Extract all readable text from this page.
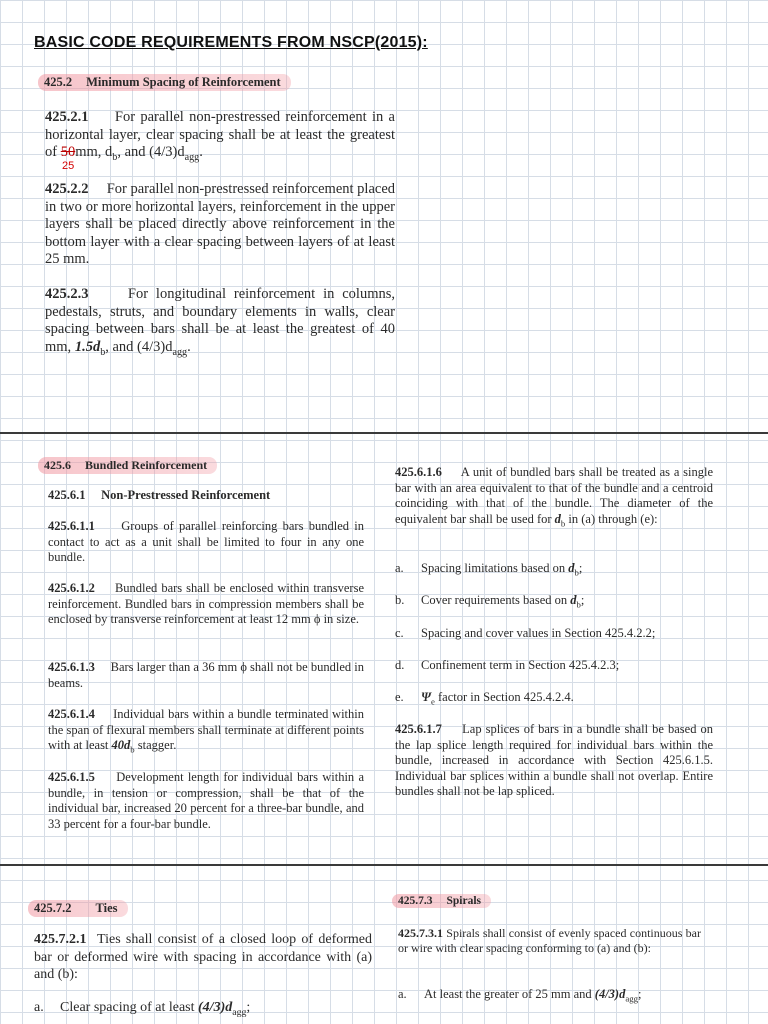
BASIC CODE REQUIREMENTS FROM NSCP(2015):
425.2 Minimum Spacing of Reinforcement
425.2.1 For parallel non-prestressed reinforcement in a horizontal layer, clear spacing shall be at least the greatest of 50mm, $d_b$, and $(4/3)d_{agg}$.
25
425.2.2 For parallel non-prestressed reinforcement placed in two or more horizontal layers, reinforcement in the upper layers shall be placed directly above reinforcement in the bottom layer with a clear spacing between layers of at least 25 mm.
425.2.3	For longitudinal reinforcement in columns, pedestals, struts, and boundary elements in walls, clear spacing between bars shall be at least the greatest of 40 mm, $1.5d_b$, and $(4/3)d_{agg}$.
425.6 Bundled Reinforcement
425.6.1 Non-Prestressed Reinforcement
425.6.1.1 Groups of parallel reinforcing bars bundled in contact to act as a unit shall be limited to four in any one bundle.
425.6.1.2 Bundled bars shall be enclosed within transverse reinforcement. Bundled bars in compression members shall be enclosed by transverse reinforcement at least 12 mm ϕ in size.
425.6.1.3 Bars larger than a 36 mm ϕ shall not be bundled in beams.
425.6.1.4 Individual bars within a bundle terminated within the span of flexural members shall terminate at different points with at least $40d_b$ stagger.
425.6.1.5 Development length for individual bars within a bundle, in tension or compression, shall be that of the individual bar, increased 20 percent for a three-bar bundle, and 33 percent for a four-bar bundle.
425.6.1.6 A unit of bundled bars shall be treated as a single bar with an area equivalent to that of the bundle and a centroid coinciding with that of the bundle. The diameter of the equivalent bar shall be used for $d_b$ in (a) through (e):
a. Spacing limitations based on $d_b$;
b. Cover requirements based on $d_b$;
c. Spacing and cover values in Section 425.4.2.2;
d. Confinement term in Section 425.4.2.3;
e. $\Psi_e$ factor in Section 425.4.2.4.
425.6.1.7 Lap splices of bars in a bundle shall be based on the lap splice length required for individual bars within the bundle, increased in accordance with Section 425.6.1.5. Individual bar splices within a bundle shall not overlap. Entire bundles shall not be lap spliced.
425.7.2 Ties	425.7.3 Spirals
425.7.2.1 Ties shall consist of a closed loop of deformed bar or deformed wire with spacing in accordance with (a) and (b):
a. Clear spacing of at least $(4/3)d_{agg}$;
425.7.3.1 Spirals shall consist of evenly spaced continuous bar or wire with clear spacing conforming to (a) and (b):
a. At least the greater of 25 mm and $(4/3)d_{agg}$;
